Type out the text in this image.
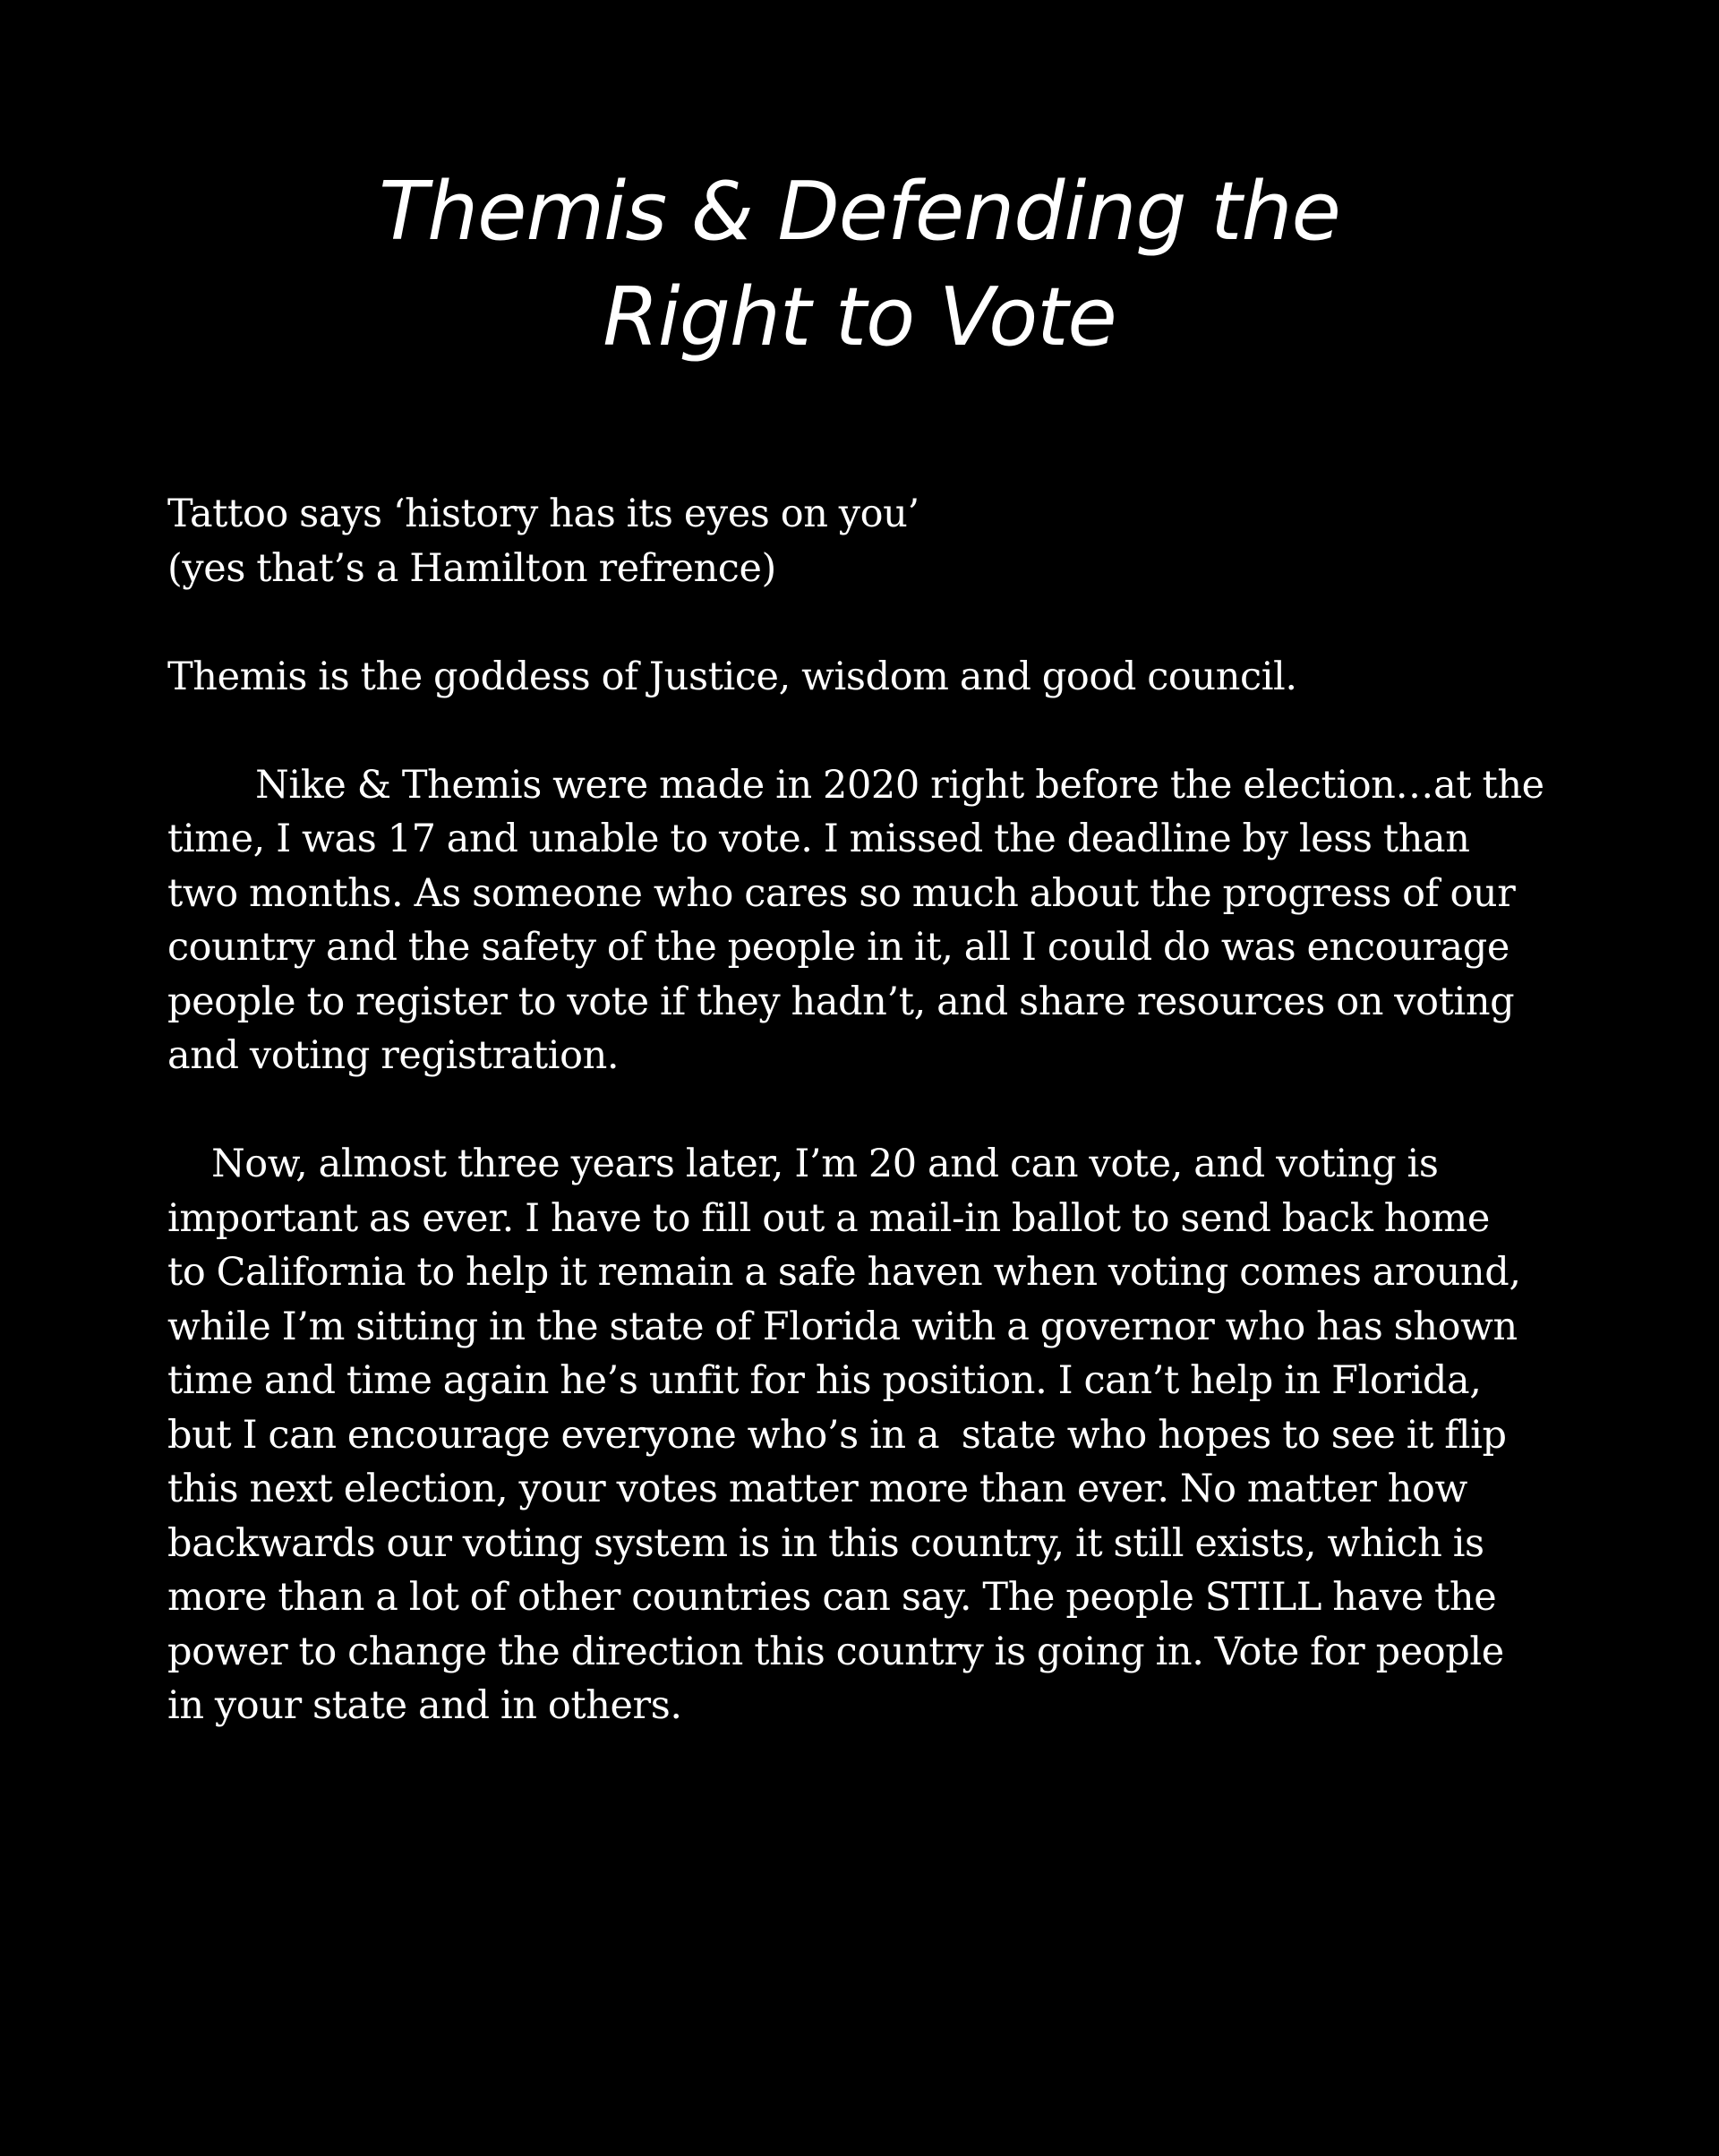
Themis & Defending the
Right to Vote
Tattoo says ‘history has its eyes on you’
(yes that’s a Hamilton refrence)
Themis is the goddess of Justice, wisdom and good council.
Nike & Themis were made in 2020 right before the election…at the
time, I was 17 and unable to vote. I missed the deadline by less than
two months. As someone who cares so much about the progress of our
country and the safety of the people in it, all I could do was encourage
people to register to vote if they hadn’t, and share resources on voting
and voting registration.
Now, almost three years later, I’m 20 and can vote, and voting is
important as ever. I have to fill out a mail-in ballot to send back home
to California to help it remain a safe haven when voting comes around,
while I’m sitting in the state of Florida with a governor who has shown
time and time again he’s unfit for his position. I can’t help in Florida,
but I can encourage everyone who’s in a  state who hopes to see it flip
this next election, your votes matter more than ever. No matter how
backwards our voting system is in this country, it still exists, which is
more than a lot of other countries can say. The people STILL have the
power to change the direction this country is going in. Vote for people
in your state and in others.
